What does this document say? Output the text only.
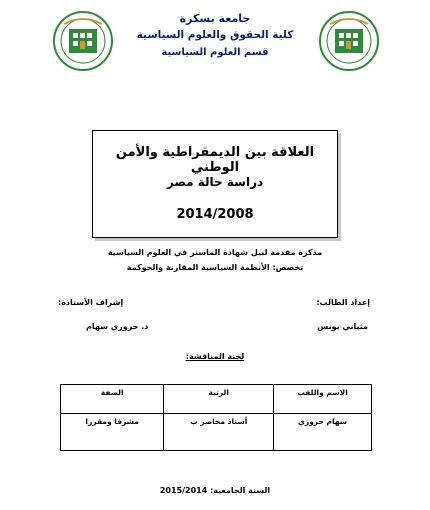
جامعة بسكرة
كلية الحقوق والعلوم السياسية
قسم العلوم السياسية
العلاقة بين الديمقراطية والأمن الوطني
دراسة حالة مصر
2014/2008
مذكرة مقدمة لنيل شهادة الماستر في العلوم السياسية
تخصص: الأنظمة السياسية المقارنة والحوكمة
إعداد الطالب:
مثياني يونس
إشراف الأستاذة:
د. حروري سهام
لجنة المناقشة:
الاسم واللقب	الرتبة	الصفة
سهام حروري	أستاذ محاضر ب	مشرفا ومقررا
السنة الجامعية: 2015/2014
